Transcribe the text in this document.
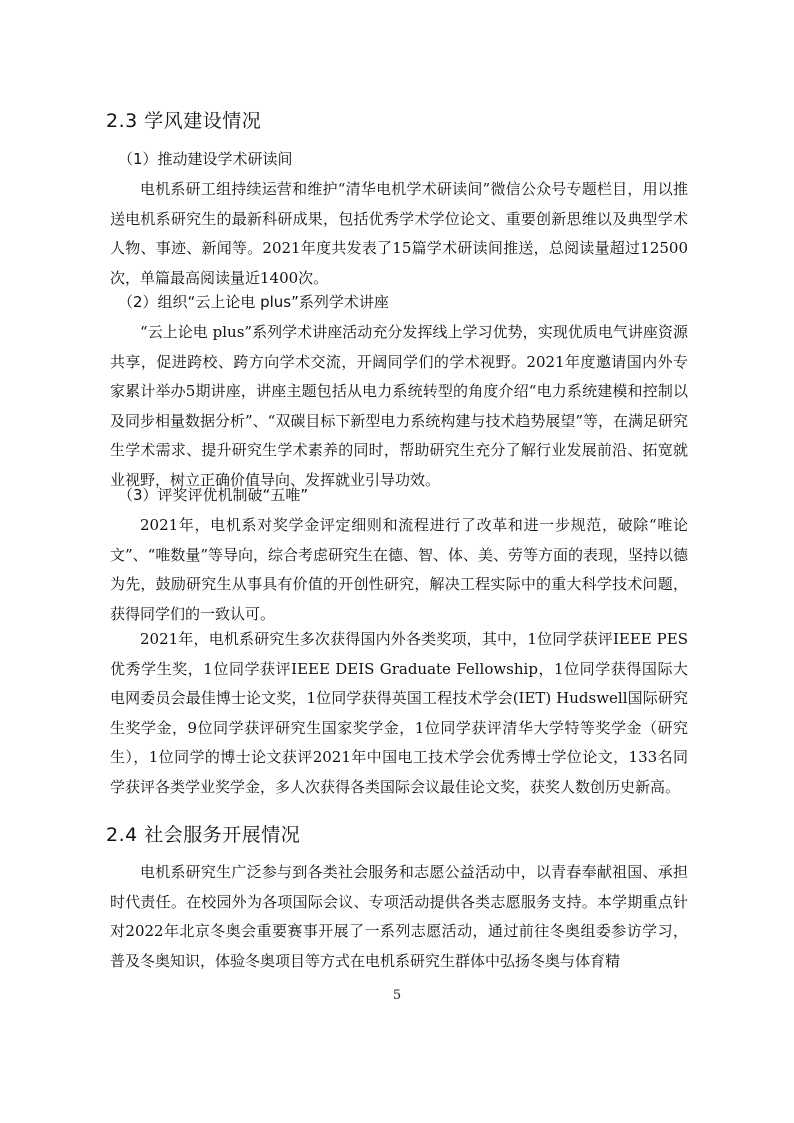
2.3 学风建设情况
（1）推动建设学术研读间
电机系研工组持续运营和维护“清华电机学术研读间”微信公众号专题栏目，用以推送电机系研究生的最新科研成果，包括优秀学术学位论文、重要创新思维以及典型学术人物、事迹、新闻等。2021年度共发表了15篇学术研读间推送，总阅读量超过12500次，单篇最高阅读量近1400次。
（2）组织“云上论电 plus”系列学术讲座
“云上论电 plus”系列学术讲座活动充分发挥线上学习优势，实现优质电气讲座资源共享，促进跨校、跨方向学术交流，开阔同学们的学术视野。2021年度邀请国内外专家累计举办5期讲座，讲座主题包括从电力系统转型的角度介绍“电力系统建模和控制以及同步相量数据分析”、“双碳目标下新型电力系统构建与技术趋势展望”等，在满足研究生学术需求、提升研究生学术素养的同时，帮助研究生充分了解行业发展前沿、拓宽就业视野，树立正确价值导向、发挥就业引导功效。
（3）评奖评优机制破“五唯”
2021年，电机系对奖学金评定细则和流程进行了改革和进一步规范，破除“唯论文”、“唯数量”等导向，综合考虑研究生在德、智、体、美、劳等方面的表现，坚持以德为先，鼓励研究生从事具有价值的开创性研究，解决工程实际中的重大科学技术问题，获得同学们的一致认可。
2021年，电机系研究生多次获得国内外各类奖项，其中，1位同学获评IEEE PES优秀学生奖，1位同学获评IEEE DEIS Graduate Fellowship，1位同学获得国际大电网委员会最佳博士论文奖，1位同学获得英国工程技术学会(IET) Hudswell国际研究生奖学金，9位同学获评研究生国家奖学金，1位同学获评清华大学特等奖学金（研究生），1位同学的博士论文获评2021年中国电工技术学会优秀博士学位论文，133名同学获评各类学业奖学金，多人次获得各类国际会议最佳论文奖，获奖人数创历史新高。
2.4 社会服务开展情况
电机系研究生广泛参与到各类社会服务和志愿公益活动中，以青春奉献祖国、承担时代责任。在校园外为各项国际会议、专项活动提供各类志愿服务支持。本学期重点针对2022年北京冬奥会重要赛事开展了一系列志愿活动，通过前往冬奥组委参访学习，普及冬奥知识，体验冬奥项目等方式在电机系研究生群体中弘扬冬奥与体育精
5
